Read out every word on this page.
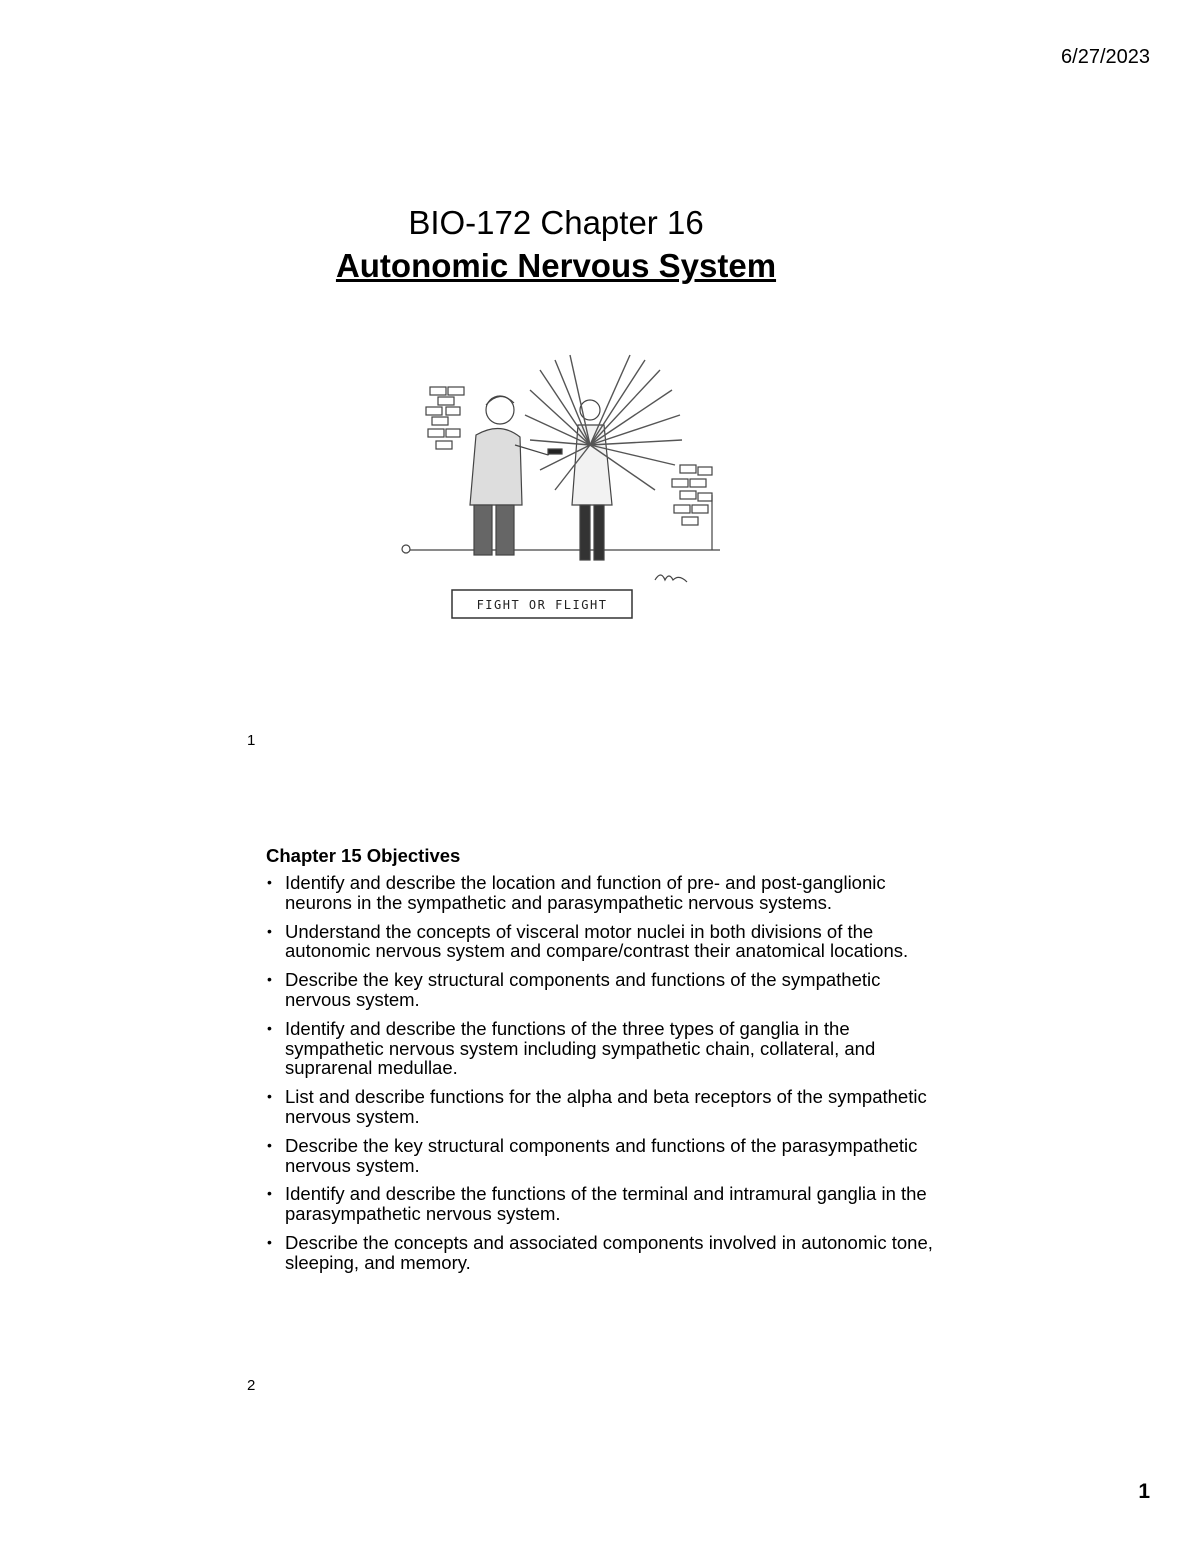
6/27/2023
BIO-172 Chapter 16
Autonomic Nervous System
FIGHT OR FLIGHT
1
Chapter 15 Objectives
• Identify and describe the location and function of pre- and post-ganglionic neurons in the sympathetic and parasympathetic nervous systems.
• Understand the concepts of visceral motor nuclei in both divisions of the autonomic nervous system and compare/contrast their anatomical locations.
• Describe the key structural components and functions of the sympathetic nervous system.
• Identify and describe the functions of the three types of ganglia in the sympathetic nervous system including sympathetic chain, collateral, and suprarenal medullae.
• List and describe functions for the alpha and beta receptors of the sympathetic nervous system.
• Describe the key structural components and functions of the parasympathetic nervous system.
• Identify and describe the functions of the terminal and intramural ganglia in the parasympathetic nervous system.
• Describe the concepts and associated components involved in autonomic tone, sleeping, and memory.
2
1
